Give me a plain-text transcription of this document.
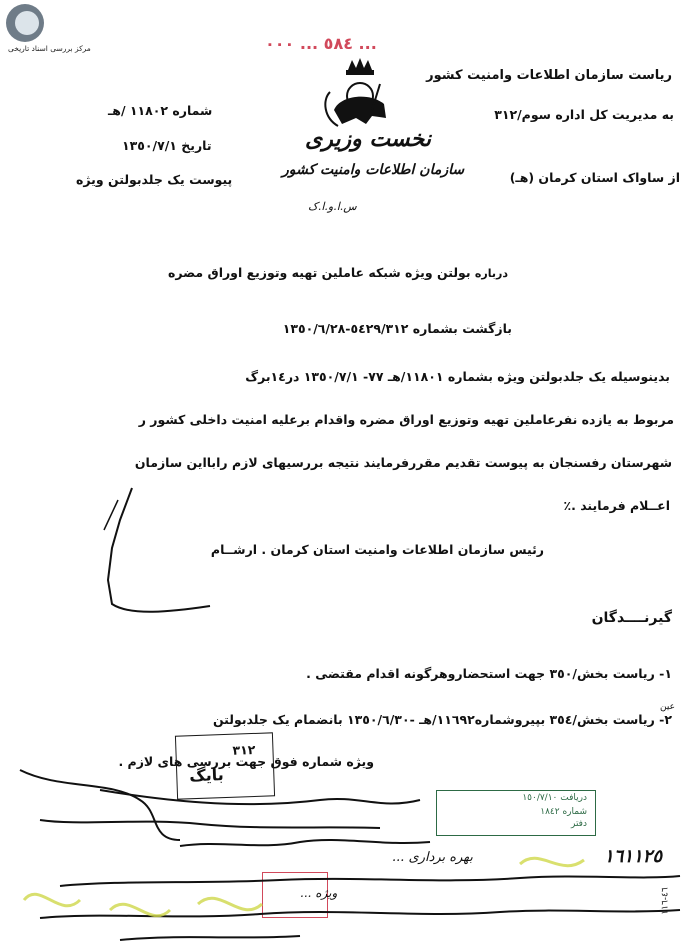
مرکز بررسی اسناد تاریخی	٥٨٤ ... ٠٠٠ ...
ریاست سازمان اطلاعات وامنیت کشور
به مدیریت کل اداره سوم/٣١٢
از ساواک استان کرمان (هـ)
نخست وزیری
سازمان اطلاعات وامنیت کشور
س.ا.و.ا.ک
شماره ١١٨٠٢ /هـ
تاریخ ١٣٥٠/٧/١
پیوست یک جلدبولتن ویژه
درباره بولتن ویژه شبکه عاملین تهیه وتوزیع اوراق مضره
بازگشت بشماره ٥٤٢٩/٣١٢-١٣٥٠/٦/٢٨
بدینوسیله یک جلدبولتن ویژه بشماره ١١٨٠١/هـ ٧٧- ١٣٥٠/٧/١ در١٤برگ
مربوط به یازده نفرعاملین تهیه وتوزیع اوراق مضره واقدام برعلیه امنیت داخلی کشور ر
شهرستان رفسنجان به پیوست تقدیم مقررفرمایند نتیجه بررسیهای لازم رابااین سازمان
اعــلام فرمایند .٪
رئیس سازمان اطلاعات وامنیت استان کرمان . ارشــام
گیرنــــدگان
١- ریاست بخش/٣٥٠ جهت استحضاروهرگونه اقدام مقتضی .
٢- ریاست بخش/٣٥٤ بپیروشماره١١٦٩٢/هـ -١٣٥٠/٦/٣٠ بانضمام یک جلدبولتن
عین
ویژه شماره فوق جهت بررسی های لازم .
٣١٢
بایگ
دریافت ١٥٠/٧/١٠
شماره ١٨٤٢
دفتر
١٦١١٢٥
٤٦-١١٦
بهره برداری ...
ویژه ...
